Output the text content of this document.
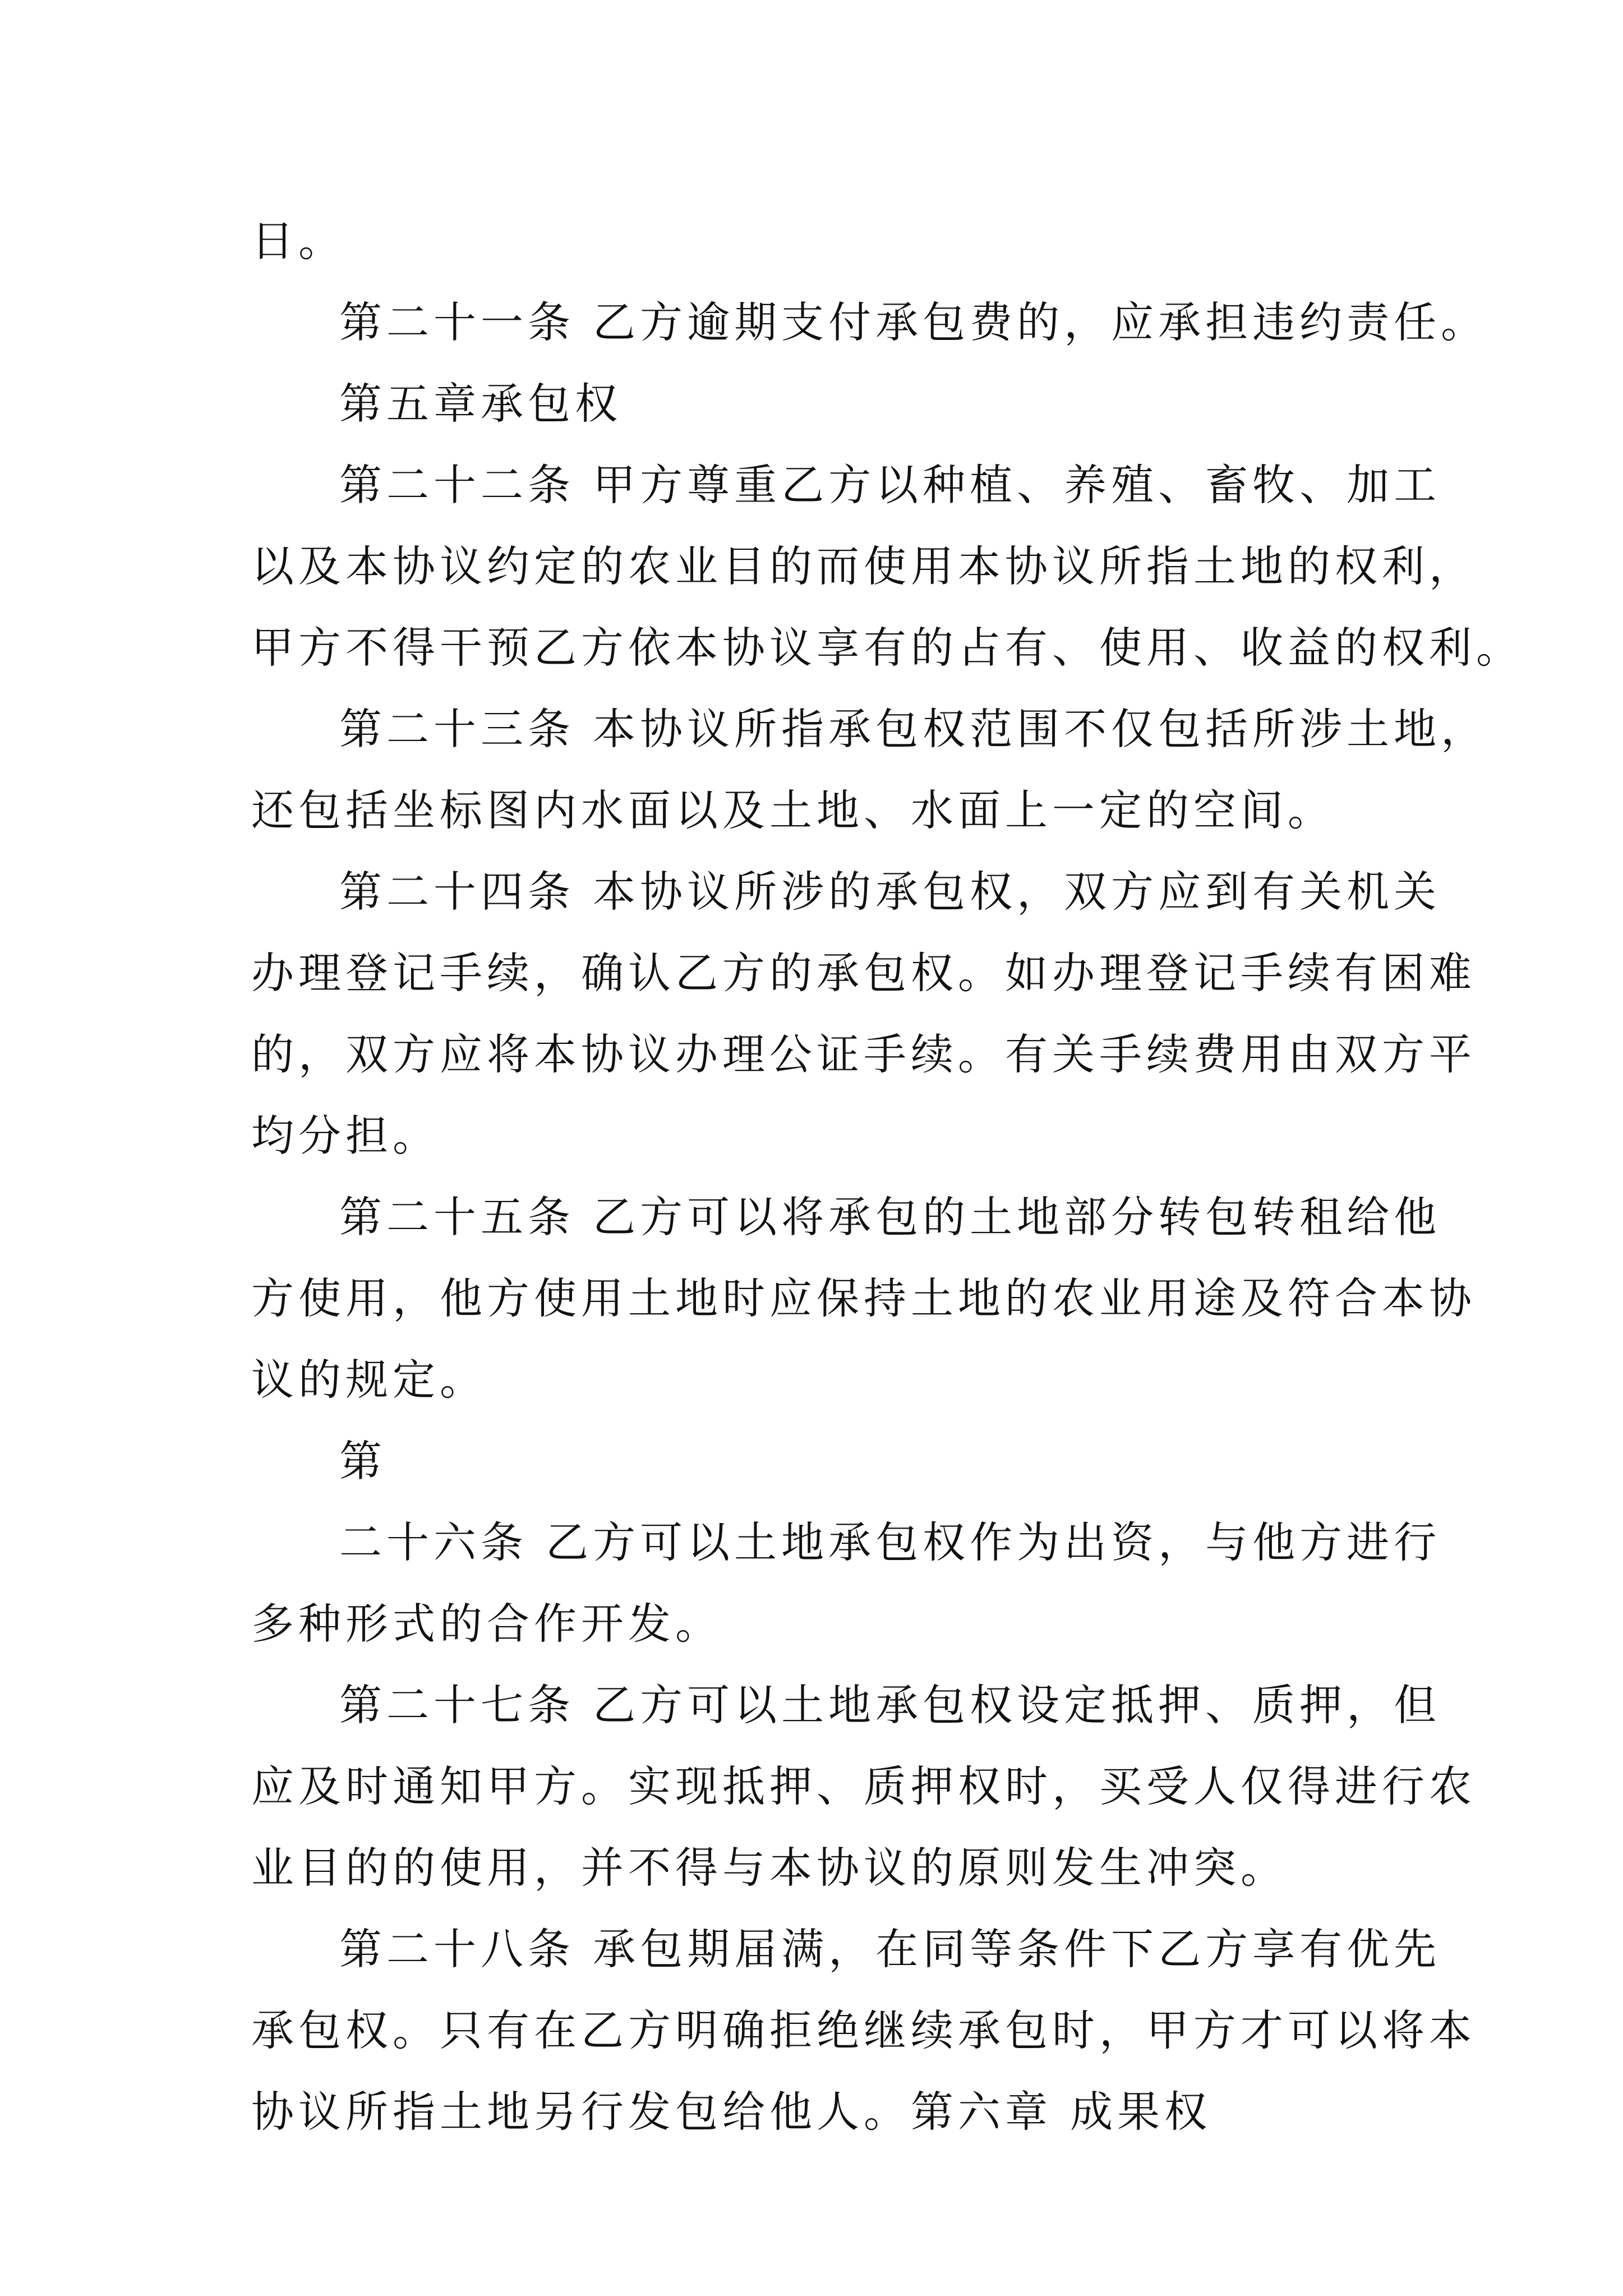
日。
第二十一条 乙方逾期支付承包费的，应承担违约责任。
第五章承包权
第二十二条 甲方尊重乙方以种植、养殖、畜牧、加工
以及本协议约定的农业目的而使用本协议所指土地的权利，
甲方不得干预乙方依本协议享有的占有、使用、收益的权利。
第二十三条 本协议所指承包权范围不仅包括所涉土地，
还包括坐标图内水面以及土地、水面上一定的空间。
第二十四条 本协议所涉的承包权，双方应到有关机关
办理登记手续，确认乙方的承包权。如办理登记手续有困难
的，双方应将本协议办理公证手续。有关手续费用由双方平
均分担。
第二十五条 乙方可以将承包的土地部分转包转租给他
方使用，他方使用土地时应保持土地的农业用途及符合本协
议的规定。
第
二十六条 乙方可以土地承包权作为出资，与他方进行
多种形式的合作开发。
第二十七条 乙方可以土地承包权设定抵押、质押，但
应及时通知甲方。实现抵押、质押权时，买受人仅得进行农
业目的的使用，并不得与本协议的原则发生冲突。
第二十八条 承包期届满，在同等条件下乙方享有优先
承包权。只有在乙方明确拒绝继续承包时，甲方才可以将本
协议所指土地另行发包给他人。第六章 成果权
